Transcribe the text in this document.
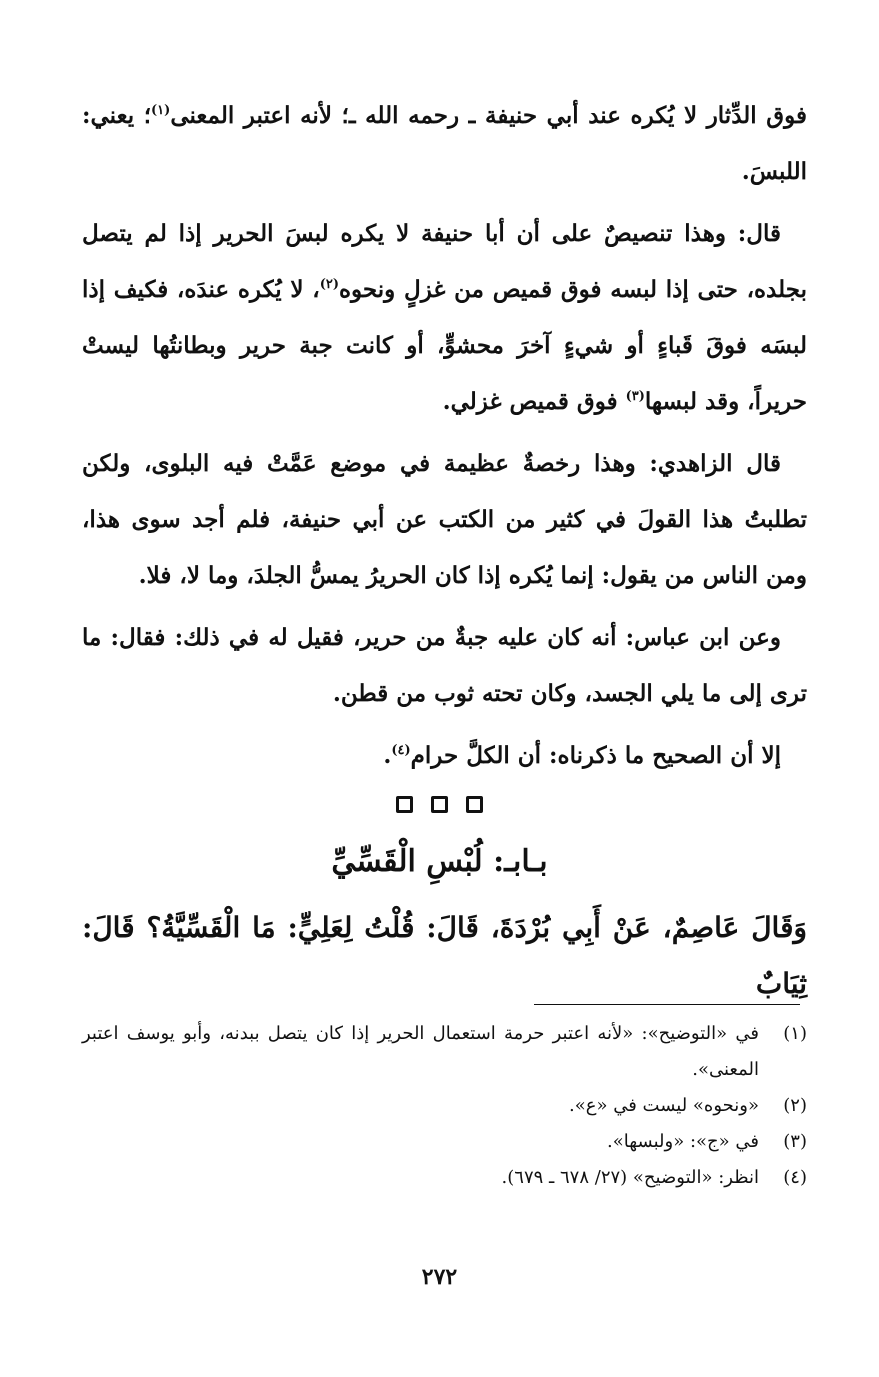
فوق الدِّثار لا يُكره عند أبي حنيفة ـ رحمه الله ـ؛ لأنه اعتبر المعنى$^{(١)}$؛ يعني: اللبسَ.

قال: وهذا تنصيصٌ على أن أبا حنيفة لا يكره لبسَ الحرير إذا لم يتصل بجلده، حتى إذا لبسه فوق قميص من غزلٍ ونحوه$^{(٢)}$، لا يُكره عندَه، فكيف إذا لبسَه فوقَ قَباءٍ أو شيءٍ آخرَ محشوٍّ، أو كانت جبة حرير وبطانتُها ليستْ حريراً، وقد لبسها$^{(٣)}$ فوق قميص غزلي.

قال الزاهدي: وهذا رخصةٌ عظيمة في موضع عَمَّتْ فيه البلوى، ولكن تطلبتُ هذا القولَ في كثير من الكتب عن أبي حنيفة، فلم أجد سوى هذا، ومن الناس من يقول: إنما يُكره إذا كان الحريرُ يمسُّ الجلدَ، وما لا، فلا.

وعن ابن عباس: أنه كان عليه جبةٌ من حرير، فقيل له في ذلك: فقال: ما ترى إلى ما يلي الجسد، وكان تحته ثوب من قطن.

إلا أن الصحيح ما ذكرناه: أن الكلَّ حرام$^{(٤)}$.

بـابـ: لُبْسِ الْقَسِّيِّ
وَقَالَ عَاصِمٌ، عَنْ أَبِي بُرْدَةَ، قَالَ: قُلْتُ لِعَلِيٍّ: مَا الْقَسِّيَّةُ؟ قَالَ: ثِيَابٌ
(١)
في «التوضيح»: «لأنه اعتبر حرمة استعمال الحرير إذا كان يتصل ببدنه، وأبو يوسف اعتبر المعنى».
(٢)
«ونحوه» ليست في «ع».
(٣)
في «ج»: «ولبسها».
(٤)
انظر: «التوضيح» (٢٧/ ٦٧٨ ـ ٦٧٩).
٢٧٢
